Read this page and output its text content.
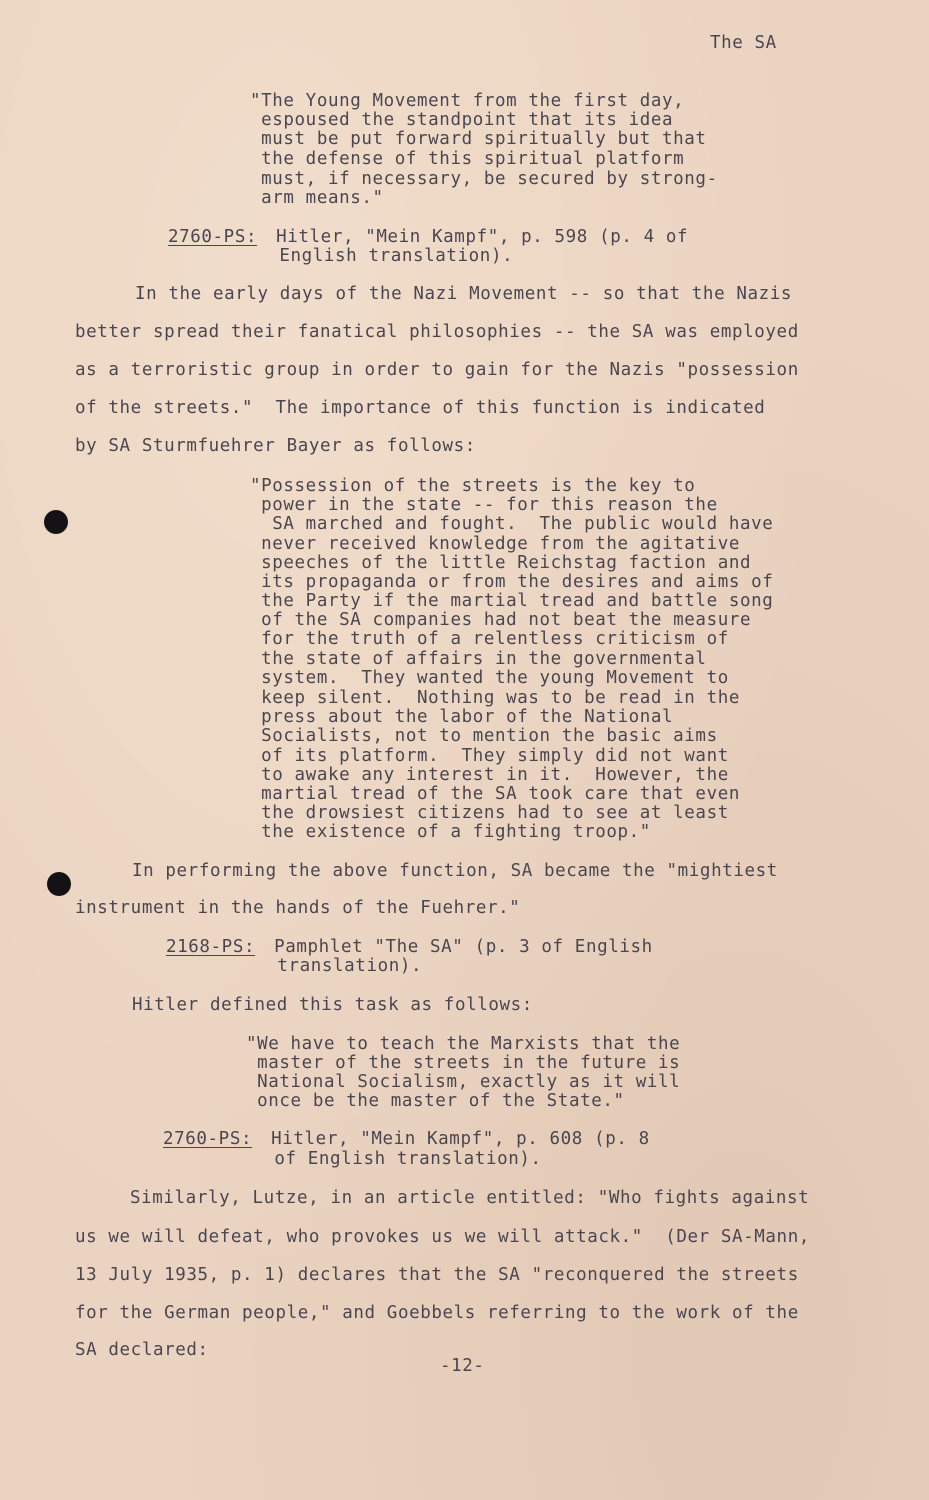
The SA
"The Young Movement from the first day,
espoused the standpoint that its idea
must be put forward spiritually but that
the defense of this spiritual platform
must, if necessary, be secured by strong-
arm means."
2760-PS: Hitler, "Mein Kampf", p. 598 (p. 4 of
English translation).
In the early days of the Nazi Movement -- so that the Nazis
better spread their fanatical philosophies -- the SA was employed
as a terroristic group in order to gain for the Nazis "possession
of the streets."  The importance of this function is indicated
by SA Sturmfuehrer Bayer as follows:
"Possession of the streets is the key to
power in the state -- for this reason the
SA marched and fought.  The public would have
never received knowledge from the agitative
speeches of the little Reichstag faction and
its propaganda or from the desires and aims of
the Party if the martial tread and battle song
of the SA companies had not beat the measure
for the truth of a relentless criticism of
the state of affairs in the governmental
system.  They wanted the young Movement to
keep silent.  Nothing was to be read in the
press about the labor of the National
Socialists, not to mention the basic aims
of its platform.  They simply did not want
to awake any interest in it.  However, the
martial tread of the SA took care that even
the drowsiest citizens had to see at least
the existence of a fighting troop."
In performing the above function, SA became the "mightiest
instrument in the hands of the Fuehrer."
2168-PS: Pamphlet "The SA" (p. 3 of English
translation).
Hitler defined this task as follows:
"We have to teach the Marxists that the
master of the streets in the future is
National Socialism, exactly as it will
once be the master of the State."
2760-PS: Hitler, "Mein Kampf", p. 608 (p. 8
of English translation).
Similarly, Lutze, in an article entitled: "Who fights against
us we will defeat, who provokes us we will attack."  (Der SA-Mann,
13 July 1935, p. 1) declares that the SA "reconquered the streets
for the German people," and Goebbels referring to the work of the
SA declared:
-12-
